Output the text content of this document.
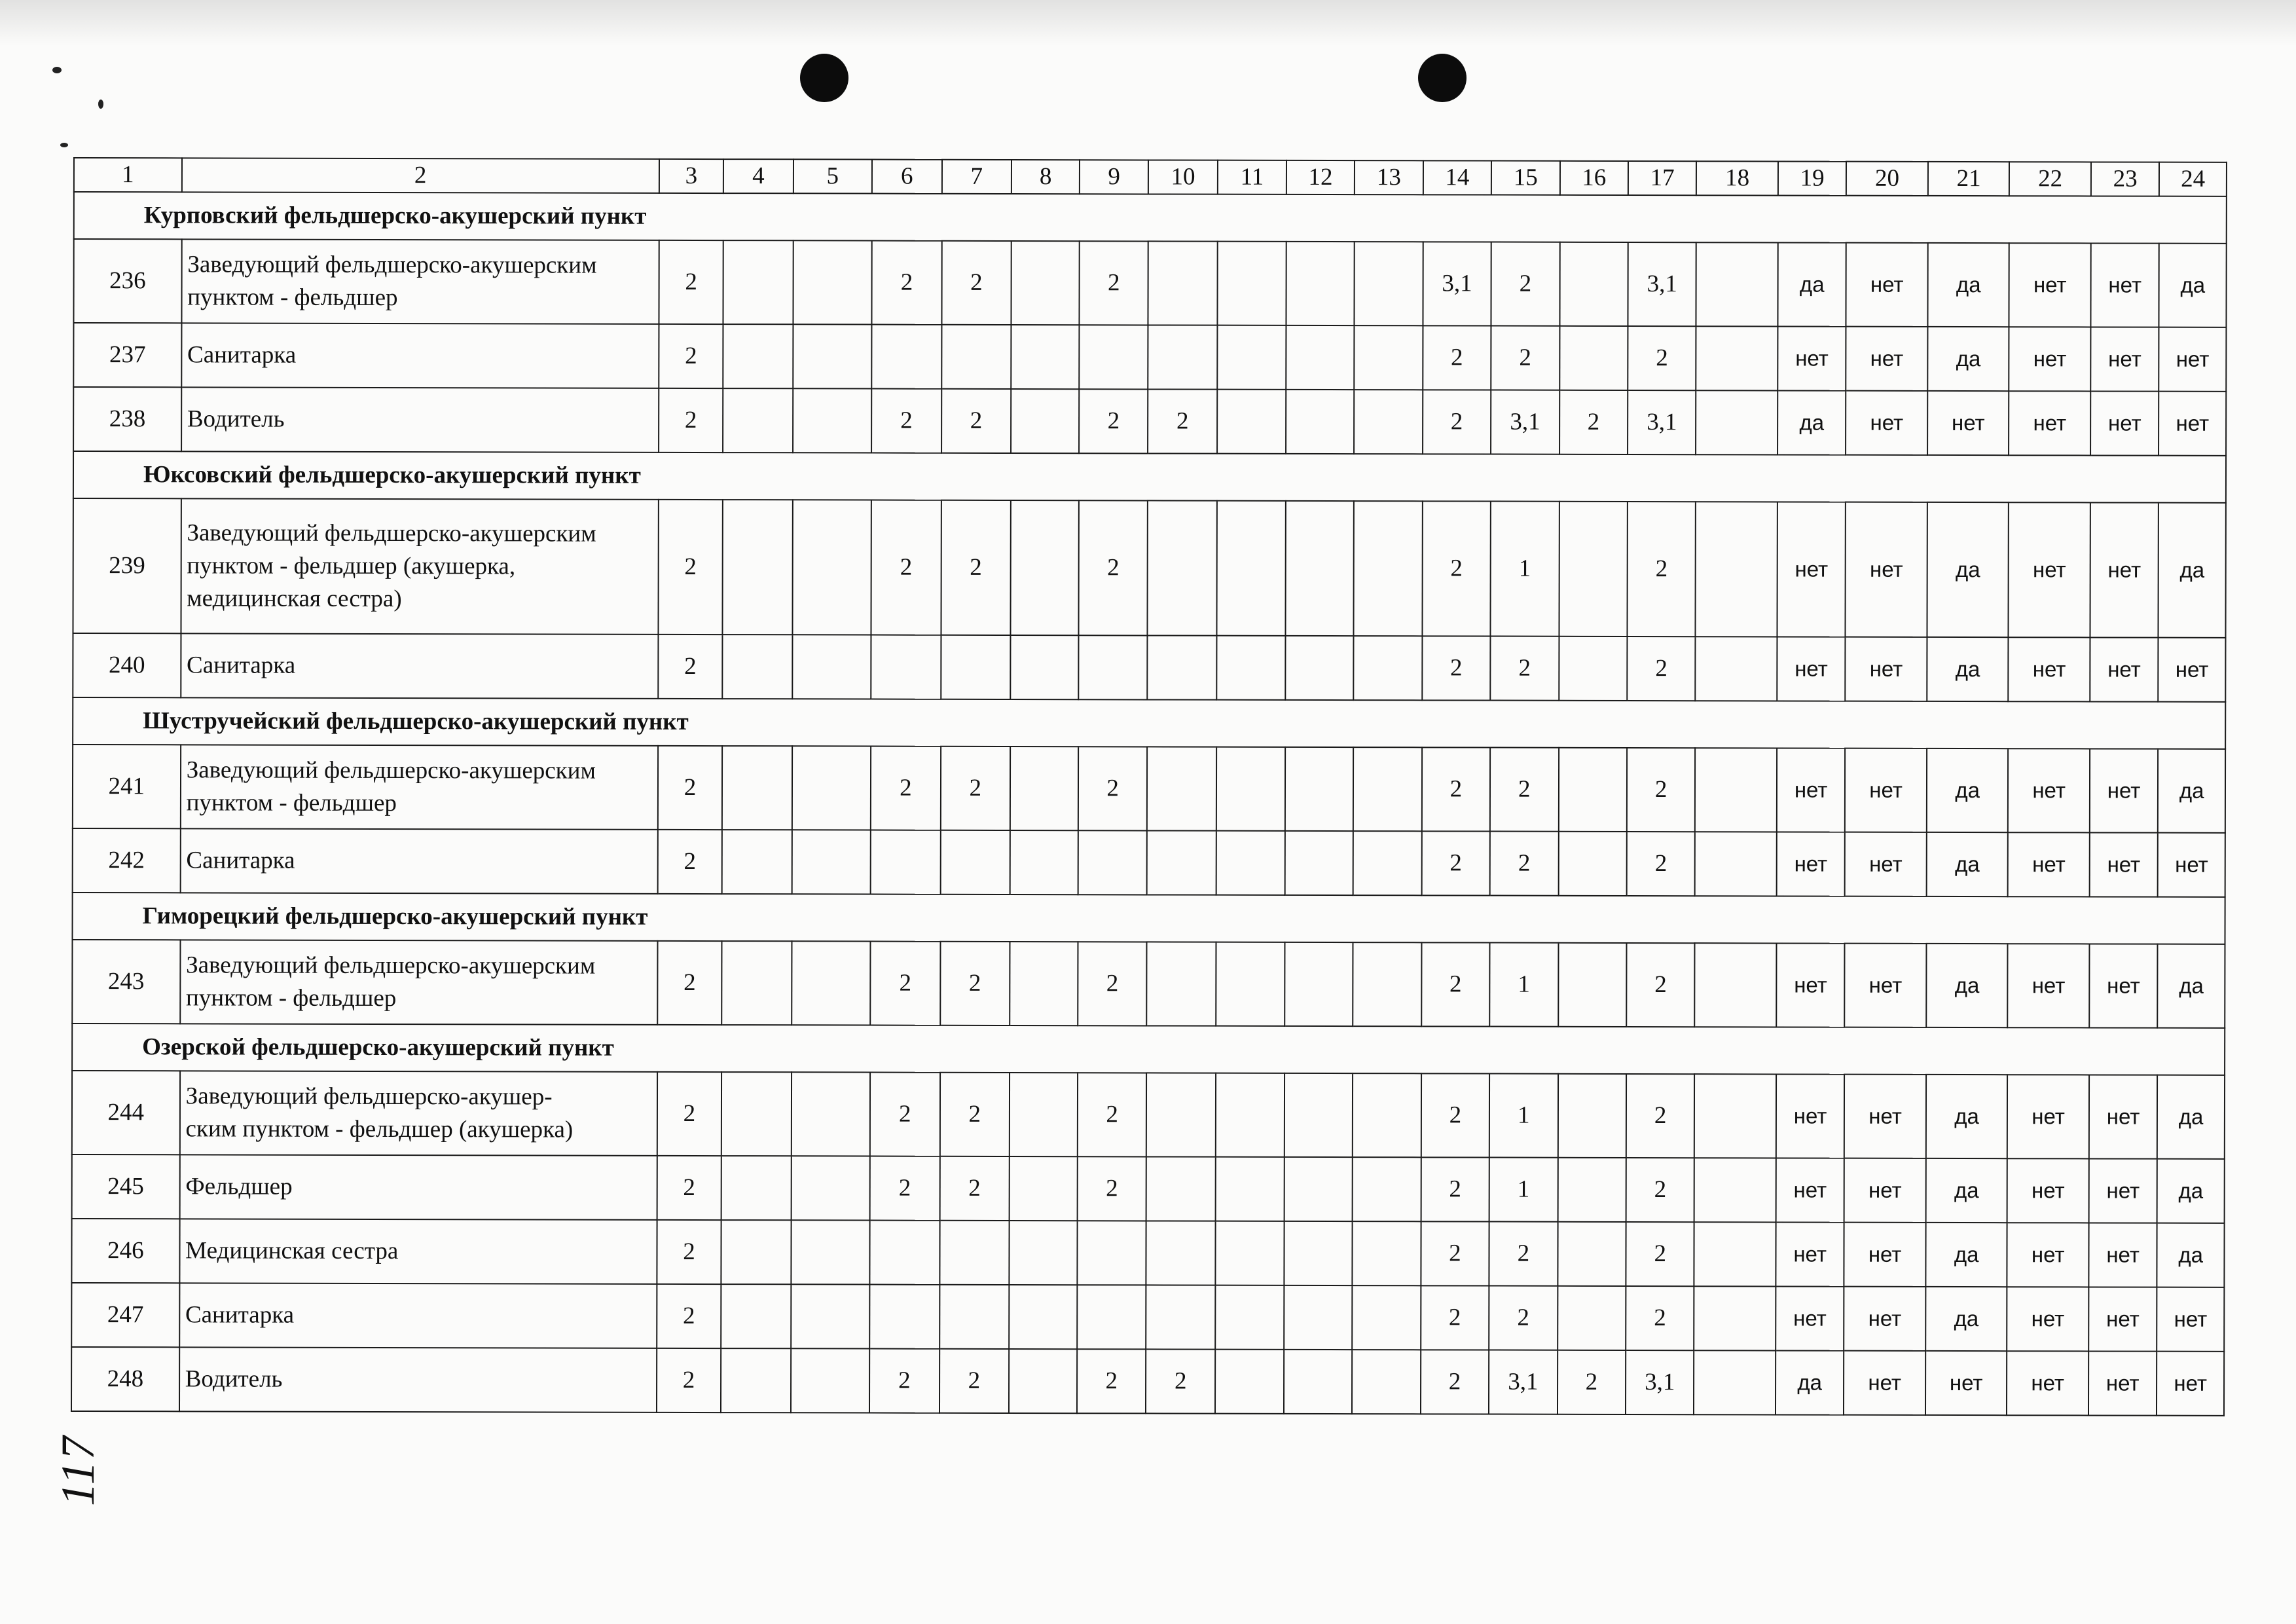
117
1	2	3	4	5	6	7	8	9	10	11	12	13	14	15	16	17	18	19	20	21	22	23	24
Курповский фельдшерско-акушерский пункт																							
236	Заведующий фельдшерско-акушерским
пунктом - фельдшер	2			2	2		2					3,1	2		3,1		да	нет	да	нет	нет	да
237	Санитарка	2											2	2		2		нет	нет	да	нет	нет	нет
238	Водитель	2			2	2		2	2				2	3,1	2	3,1		да	нет	нет	нет	нет	нет
Юксовский фельдшерско-акушерский пункт																							
239	Заведующий фельдшерско-акушерским
пунктом - фельдшер (акушерка,
медицинская сестра)	2			2	2		2					2	1		2		нет	нет	да	нет	нет	да
240	Санитарка	2											2	2		2		нет	нет	да	нет	нет	нет
Шустручейский фельдшерско-акушерский пункт																							
241	Заведующий фельдшерско-акушерским
пунктом - фельдшер	2			2	2		2					2	2		2		нет	нет	да	нет	нет	да
242	Санитарка	2											2	2		2		нет	нет	да	нет	нет	нет
Гиморецкий фельдшерско-акушерский пункт																							
243	Заведующий фельдшерско-акушерским
пунктом - фельдшер	2			2	2		2					2	1		2		нет	нет	да	нет	нет	да
Озерской фельдшерско-акушерский пункт																							
244	Заведующий фельдшерско-акушер-
ским пунктом - фельдшер (акушерка)	2			2	2		2					2	1		2		нет	нет	да	нет	нет	да
245	Фельдшер	2			2	2		2					2	1		2		нет	нет	да	нет	нет	да
246	Медицинская сестра	2											2	2		2		нет	нет	да	нет	нет	да
247	Санитарка	2											2	2		2		нет	нет	да	нет	нет	нет
248	Водитель	2			2	2		2	2				2	3,1	2	3,1		да	нет	нет	нет	нет	нет
